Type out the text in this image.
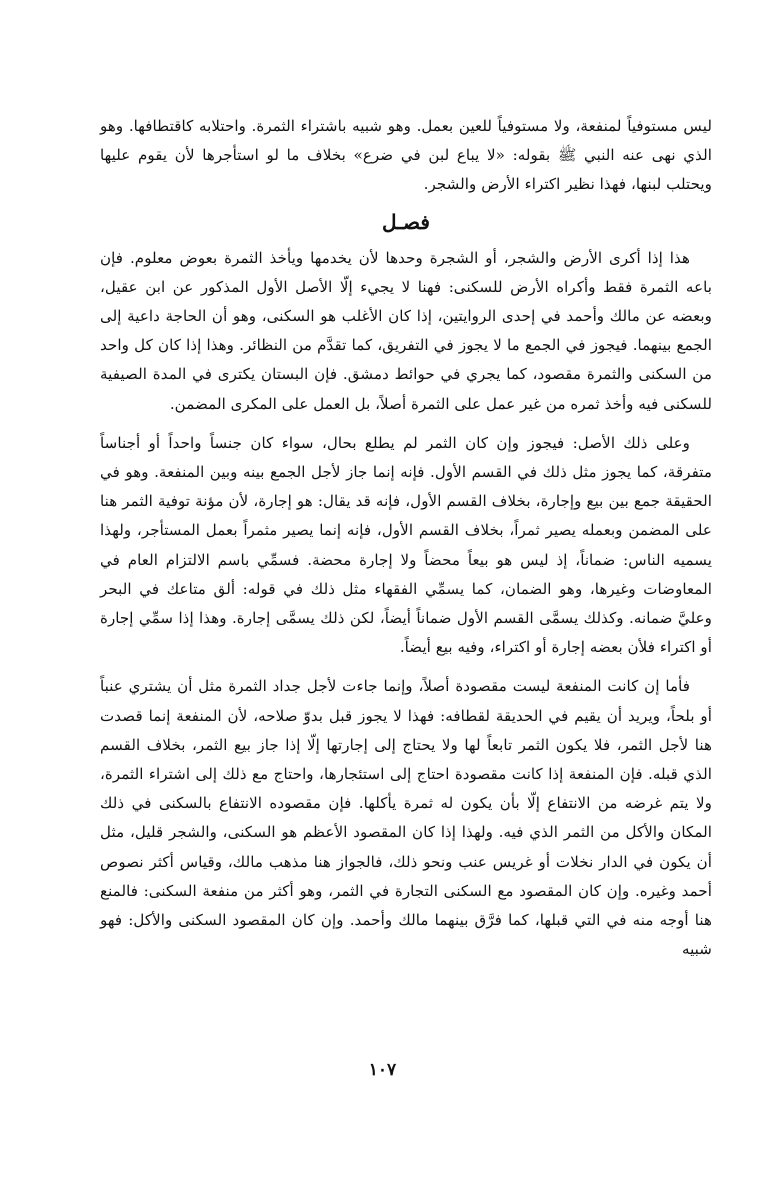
ليس مستوفياً لمنفعة، ولا مستوفياً للعين بعمل. وهو شبيه باشتراء الثمرة. واحتلابه كاقتطافها. وهو الذي نهى عنه النبي ﷺ بقوله: «لا يباع لبن في ضرع» بخلاف ما لو استأجرها لأن يقوم عليها ويحتلب لبنها، فهذا نظير اكتراء الأرض والشجر.

فصـل

هذا إذا أكرى الأرض والشجر، أو الشجرة وحدها لأن يخدمها ويأخذ الثمرة بعوض معلوم. فإن باعه الثمرة فقط وأكراه الأرض للسكنى: فهنا لا يجيء إلّا الأصل الأول المذكور عن ابن عقيل، وبعضه عن مالك وأحمد في إحدى الروايتين، إذا كان الأغلب هو السكنى، وهو أن الحاجة داعية إلى الجمع بينهما. فيجوز في الجمع ما لا يجوز في التفريق، كما تقدَّم من النظائر. وهذا إذا كان كل واحد من السكنى والثمرة مقصود، كما يجري في حوائط دمشق. فإن البستان يكترى في المدة الصيفية للسكنى فيه وأخذ ثمره من غير عمل على الثمرة أصلاً، بل العمل على المكرى المضمن.

وعلى ذلك الأصل: فيجوز وإن كان الثمر لم يطلع بحال، سواء كان جنساً واحداً أو أجناساً متفرقة، كما يجوز مثل ذلك في القسم الأول. فإنه إنما جاز لأجل الجمع بينه وبين المنفعة. وهو في الحقيقة جمع بين بيع وإجارة، بخلاف القسم الأول، فإنه قد يقال: هو إجارة، لأن مؤنة توفية الثمر هنا على المضمن وبعمله يصير ثمراً، بخلاف القسم الأول، فإنه إنما يصير مثمراً بعمل المستأجر، ولهذا يسميه الناس: ضماناً، إذ ليس هو بيعاً محضاً ولا إجارة محضة. فسمِّي باسم الالتزام العام في المعاوضات وغيرها، وهو الضمان، كما يسمِّي الفقهاء مثل ذلك في قوله: ألق متاعك في البحر وعليَّ ضمانه. وكذلك يسمَّى القسم الأول ضماناً أيضاً، لكن ذلك يسمَّى إجارة. وهذا إذا سمِّي إجارة أو اكتراء فلأن بعضه إجارة أو اكتراء، وفيه بيع أيضاً.

فأما إن كانت المنفعة ليست مقصودة أصلاً، وإنما جاءت لأجل جداد الثمرة مثل أن يشتري عنباً أو بلحاً، ويريد أن يقيم في الحديقة لقطافه: فهذا لا يجوز قبل بدوّ صلاحه، لأن المنفعة إنما قصدت هنا لأجل الثمر، فلا يكون الثمر تابعاً لها ولا يحتاج إلى إجارتها إلّا إذا جاز بيع الثمر، بخلاف القسم الذي قبله. فإن المنفعة إذا كانت مقصودة احتاج إلى استئجارها، واحتاج مع ذلك إلى اشتراء الثمرة، ولا يتم غرضه من الانتفاع إلّا بأن يكون له ثمرة يأكلها. فإن مقصوده الانتفاع بالسكنى في ذلك المكان والأكل من الثمر الذي فيه. ولهذا إذا كان المقصود الأعظم هو السكنى، والشجر قليل، مثل أن يكون في الدار نخلات أو غريس عنب ونحو ذلك، فالجواز هنا مذهب مالك، وقياس أكثر نصوص أحمد وغيره. وإن كان المقصود مع السكنى التجارة في الثمر، وهو أكثر من منفعة السكنى: فالمنع هنا أوجه منه في التي قبلها، كما فرَّق بينهما مالك وأحمد. وإن كان المقصود السكنى والأكل: فهو شبيه

١٠٧
